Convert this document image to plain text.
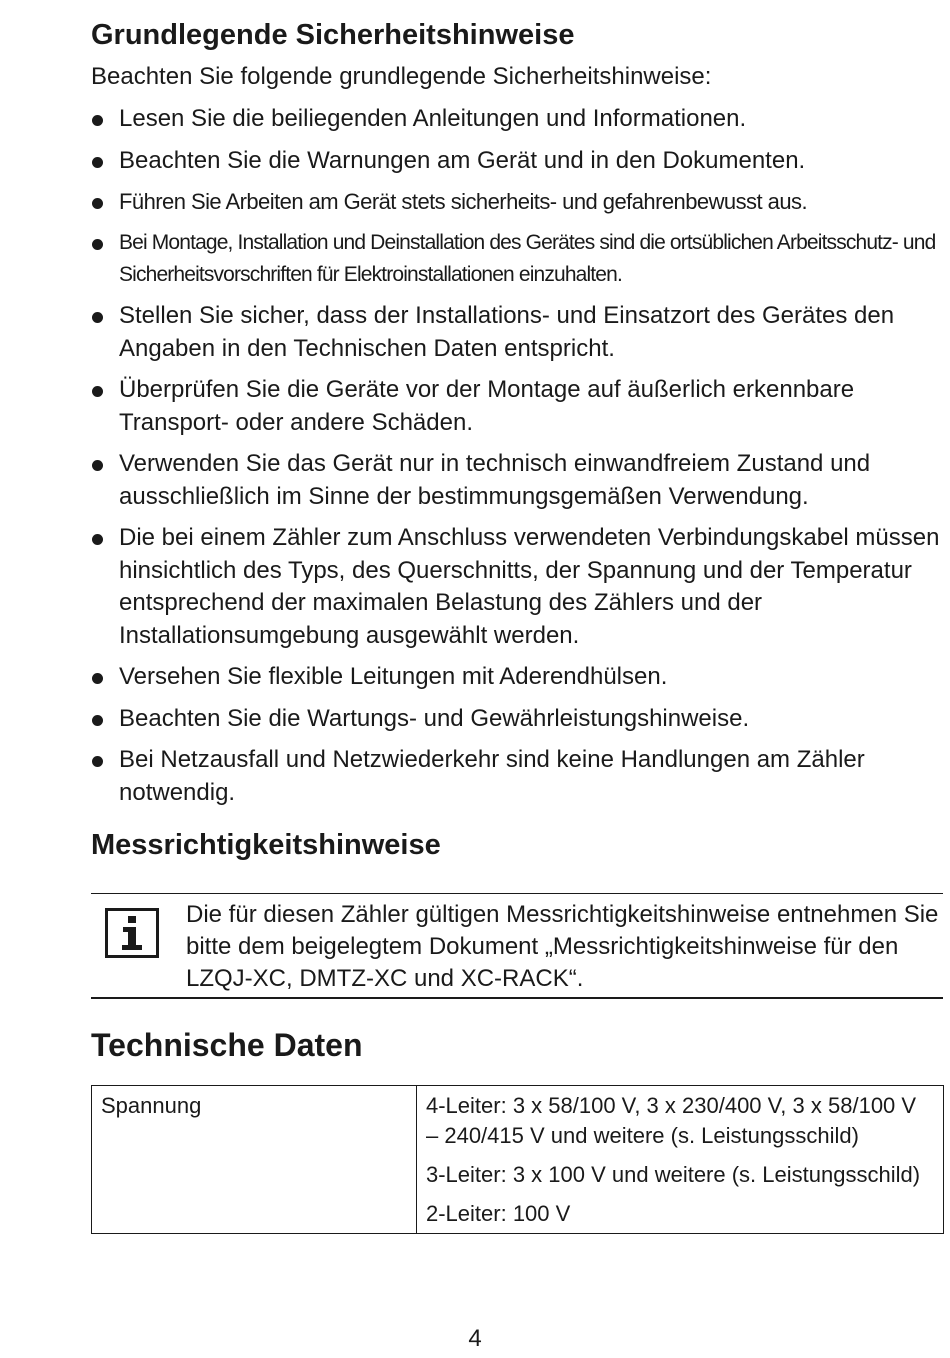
Grundlegende Sicherheitshinweise
Beachten Sie folgende grundlegende Sicherheitshinweise:
Lesen Sie die beiliegenden Anleitungen und Informationen.
Beachten Sie die Warnungen am Gerät und in den Dokumenten.
Führen Sie Arbeiten am Gerät stets sicherheits- und gefahrenbewusst aus.
Bei Montage, Installation und Deinstallation des Gerätes sind die ortsüblichen Arbeitsschutz- und Sicherheitsvorschriften für Elektroinstallationen einzuhalten.
Stellen Sie sicher, dass der Installations- und Einsatzort des Gerätes den Angaben in den Technischen Daten entspricht.
Überprüfen Sie die Geräte vor der Montage auf äußerlich erkennbare Transport- oder andere Schäden.
Verwenden Sie das Gerät nur in technisch einwandfreiem Zustand und ausschließlich im Sinne der bestimmungsgemäßen Verwendung.
Die bei einem Zähler zum Anschluss verwendeten Verbindungskabel müssen hinsichtlich des Typs, des Querschnitts, der Spannung und der Temperatur entsprechend der maximalen Belastung des Zählers und der Installationsumgebung ausgewählt werden.
Versehen Sie flexible Leitungen mit Aderendhülsen.
Beachten Sie die Wartungs- und Gewährleistungshinweise.
Bei Netzausfall und Netzwiederkehr sind keine Handlungen am Zähler notwendig.
Messrichtigkeitshinweise
Die für diesen Zähler gültigen Messrichtigkeitshinweise entnehmen Sie bitte dem beigelegtem Dokument „Messrichtigkeitshinweise für den LZQJ-XC, DMTZ-XC und XC-RACK“.
Technische Daten
Spannung	4-Leiter: 3 x 58/100 V, 3 x 230/400 V, 3 x 58/100 V – 240/415 V und weitere (s. Leistungsschild)
3-Leiter: 3 x 100 V und weitere (s. Leistungsschild)
2-Leiter: 100 V
4
